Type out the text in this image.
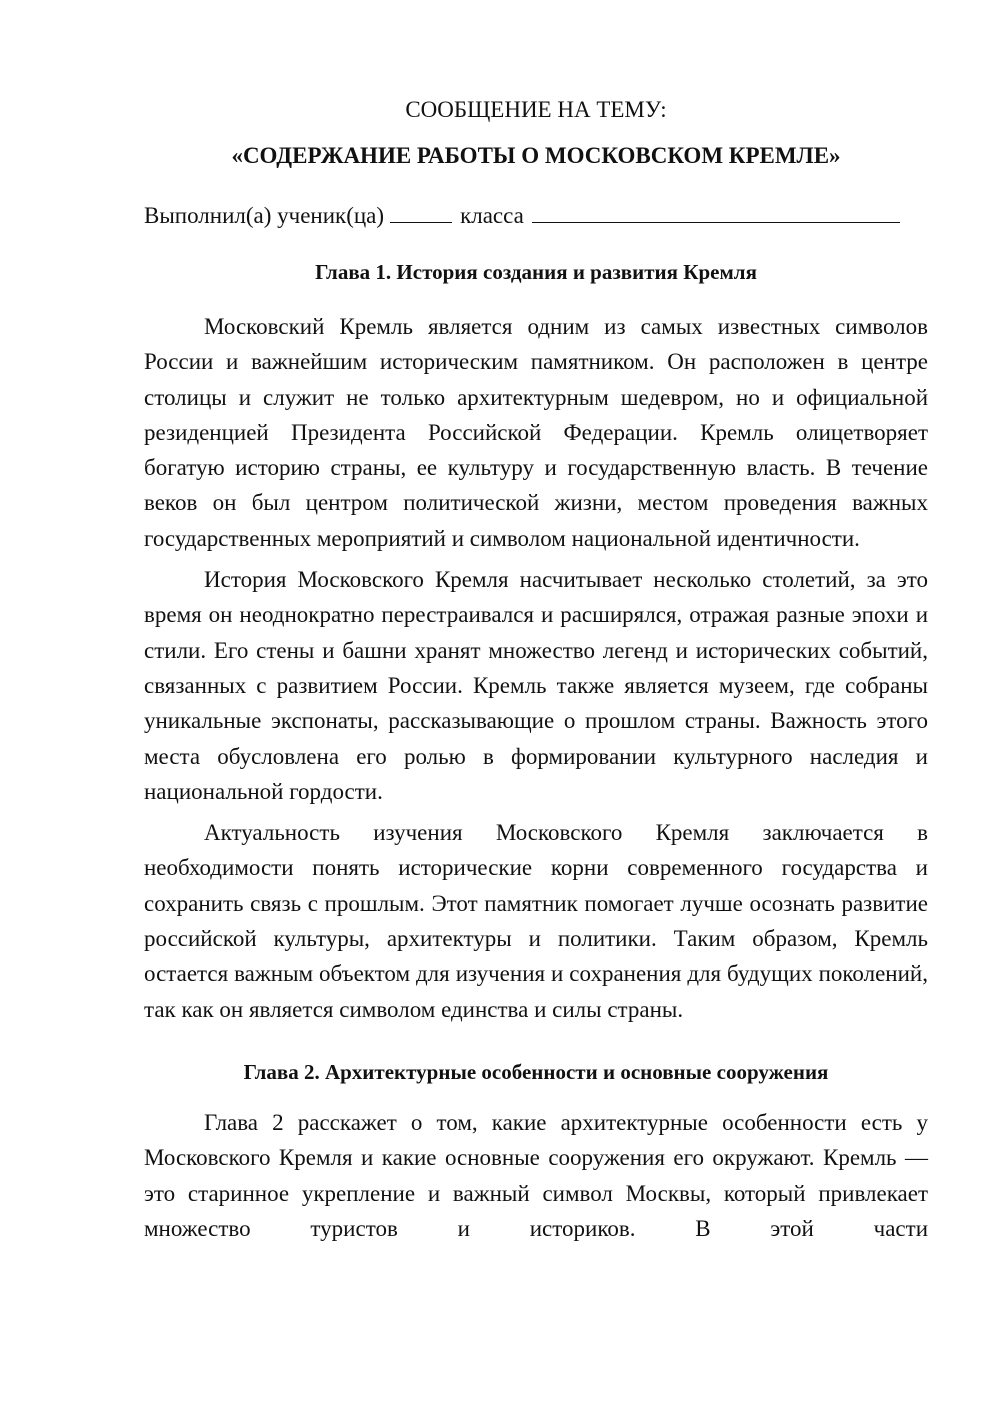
СООБЩЕНИЕ НА ТЕМУ:
«СОДЕРЖАНИЕ РАБОТЫ О МОСКОВСКОМ КРЕМЛЕ»
Выполнил(а) ученик(ца)	класса
Глава 1. История создания и развития Кремля

Московский Кремль является одним из самых известных символов России и важнейшим историческим памятником. Он расположен в центре столицы и служит не только архитектурным шедевром, но и официальной резиденцией Президента Российской Федерации. Кремль олицетворяет богатую историю страны, ее культуру и государственную власть. В течение веков он был центром политической жизни, местом проведения важных государственных мероприятий и символом национальной идентичности.

История Московского Кремля насчитывает несколько столетий, за это время он неоднократно перестраивался и расширялся, отражая разные эпохи и стили. Его стены и башни хранят множество легенд и исторических событий, связанных с развитием России. Кремль также является музеем, где собраны уникальные экспонаты, рассказывающие о прошлом страны. Важность этого места обусловлена его ролью в формировании культурного наследия и национальной гордости.

Актуальность изучения Московского Кремля заключается в необходимости понять исторические корни современного государства и сохранить связь с прошлым. Этот памятник помогает лучше осознать развитие российской культуры, архитектуры и политики. Таким образом, Кремль остается важным объектом для изучения и сохранения для будущих поколений, так как он является символом единства и силы страны.

Глава 2. Архитектурные особенности и основные сооружения

Глава 2 расскажет о том, какие архитектурные особенности есть у Московского Кремля и какие основные сооружения его окружают. Кремль — это старинное укрепление и важный символ Москвы, который привлекает множество туристов и историков. В этой части
